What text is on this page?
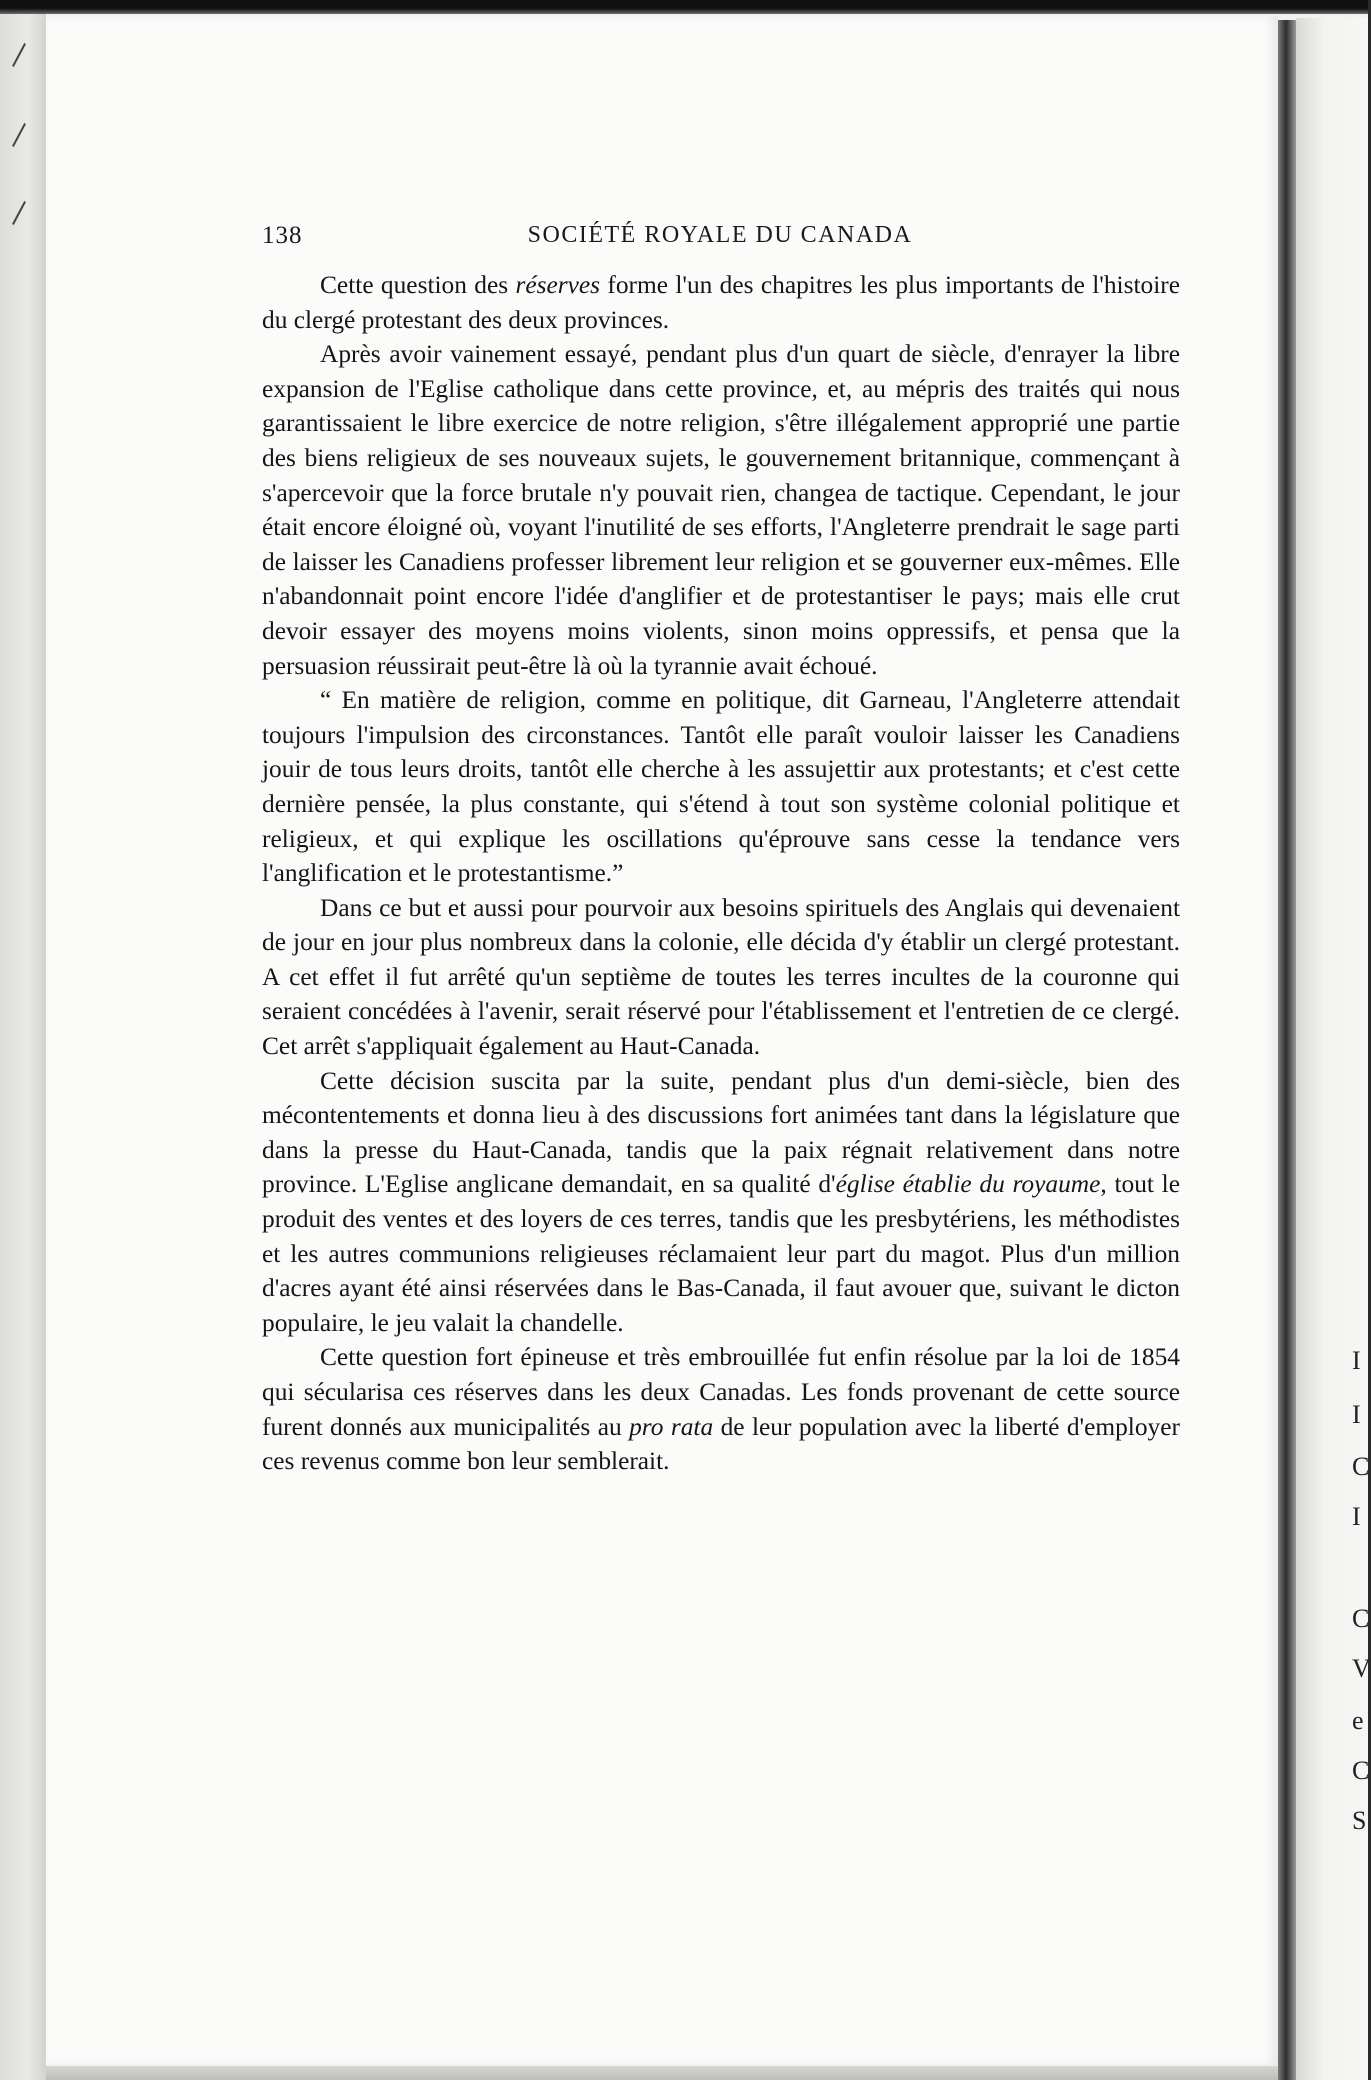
I
I
C
I
C
V
e
C
S
138	SOCIÉTÉ ROYALE DU CANADA

Cette question des réserves forme l'un des chapitres les plus importants de l'histoire du clergé protestant des deux provinces.

Après avoir vainement essayé, pendant plus d'un quart de siècle, d'enrayer la libre expansion de l'Eglise catholique dans cette province, et, au mépris des traités qui nous garantissaient le libre exercice de notre religion, s'être illégalement approprié une partie des biens religieux de ses nouveaux sujets, le gouvernement britannique, commençant à s'apercevoir que la force brutale n'y pouvait rien, changea de tactique. Cependant, le jour était encore éloigné où, voyant l'inutilité de ses efforts, l'Angleterre prendrait le sage parti de laisser les Canadiens professer librement leur religion et se gouverner eux-mêmes. Elle n'abandonnait point encore l'idée d'anglifier et de protestantiser le pays; mais elle crut devoir essayer des moyens moins violents, sinon moins oppressifs, et pensa que la persuasion réussirait peut-être là où la tyrannie avait échoué.

“ En matière de religion, comme en politique, dit Garneau, l'Angleterre attendait toujours l'impulsion des circonstances. Tantôt elle paraît vouloir laisser les Canadiens jouir de tous leurs droits, tantôt elle cherche à les assujettir aux protestants; et c'est cette dernière pensée, la plus constante, qui s'étend à tout son système colonial politique et religieux, et qui explique les oscillations qu'éprouve sans cesse la tendance vers l'anglification et le protestantisme.”

Dans ce but et aussi pour pourvoir aux besoins spirituels des Anglais qui devenaient de jour en jour plus nombreux dans la colonie, elle décida d'y établir un clergé protestant. A cet effet il fut arrêté qu'un septième de toutes les terres incultes de la couronne qui seraient concédées à l'avenir, serait réservé pour l'établissement et l'entretien de ce clergé. Cet arrêt s'appliquait également au Haut-Canada.

Cette décision suscita par la suite, pendant plus d'un demi-siècle, bien des mécontentements et donna lieu à des discussions fort animées tant dans la législature que dans la presse du Haut-Canada, tandis que la paix régnait relativement dans notre province. L'Eglise anglicane demandait, en sa qualité d'église établie du royaume, tout le produit des ventes et des loyers de ces terres, tandis que les presbytériens, les méthodistes et les autres communions religieuses réclamaient leur part du magot. Plus d'un million d'acres ayant été ainsi réservées dans le Bas-Canada, il faut avouer que, suivant le dicton populaire, le jeu valait la chandelle.

Cette question fort épineuse et très embrouillée fut enfin résolue par la loi de 1854 qui sécularisa ces réserves dans les deux Canadas. Les fonds provenant de cette source furent donnés aux municipalités au pro rata de leur population avec la liberté d'employer ces revenus comme bon leur semblerait.
